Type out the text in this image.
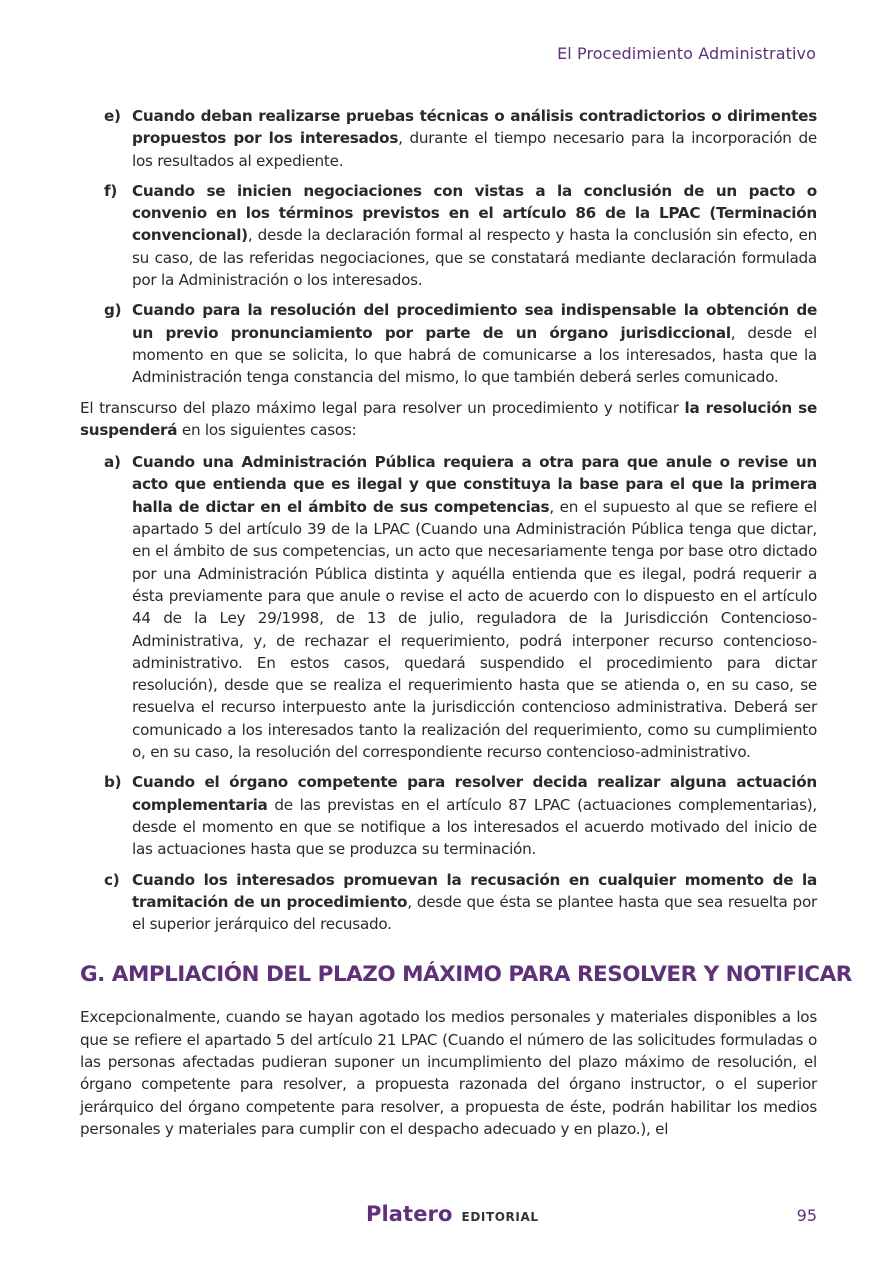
El Procedimiento Administrativo
e) Cuando deban realizarse pruebas técnicas o análisis contradictorios o dirimentes propuestos por los interesados, durante el tiempo necesario para la incorporación de los resultados al expediente.

f) Cuando se inicien negociaciones con vistas a la conclusión de un pacto o convenio en los términos previstos en el artículo 86 de la LPAC (Terminación convencional), desde la declaración formal al respecto y hasta la conclusión sin efecto, en su caso, de las referidas negociaciones, que se constatará mediante declaración formulada por la Administración o los interesados.

g) Cuando para la resolución del procedimiento sea indispensable la obtención de un previo pronunciamiento por parte de un órgano jurisdiccional, desde el momento en que se solicita, lo que habrá de comunicarse a los interesados, hasta que la Administración tenga constancia del mismo, lo que también deberá serles comunicado.

El transcurso del plazo máximo legal para resolver un procedimiento y notificar la resolución se suspenderá en los siguientes casos:

a) Cuando una Administración Pública requiera a otra para que anule o revise un acto que entienda que es ilegal y que constituya la base para el que la primera halla de dictar en el ámbito de sus competencias, en el supuesto al que se refiere el apartado 5 del artículo 39 de la LPAC (Cuando una Administración Pública tenga que dictar, en el ámbito de sus competencias, un acto que necesariamente tenga por base otro dictado por una Administración Pública distinta y aquélla entienda que es ilegal, podrá requerir a ésta previamente para que anule o revise el acto de acuerdo con lo dispuesto en el artículo 44 de la Ley 29/1998, de 13 de julio, reguladora de la Jurisdicción Contencioso- Administrativa, y, de rechazar el requerimiento, podrá interponer recurso contencioso-administrativo. En estos casos, quedará suspendido el procedimiento para dictar resolución), desde que se realiza el requerimiento hasta que se atienda o, en su caso, se resuelva el recurso interpuesto ante la jurisdicción contencioso administrativa. Deberá ser comunicado a los interesados tanto la realización del requerimiento, como su cumplimiento o, en su caso, la resolución del correspondiente recurso contencioso-administrativo.

b) Cuando el órgano competente para resolver decida realizar alguna actuación complementaria de las previstas en el artículo 87 LPAC (actuaciones complementarias), desde el momento en que se notifique a los interesados el acuerdo motivado del inicio de las actuaciones hasta que se produzca su terminación.

c) Cuando los interesados promuevan la recusación en cualquier momento de la tramitación de un procedimiento, desde que ésta se plantee hasta que sea resuelta por el superior jerárquico del recusado.

G. AMPLIACIÓN DEL PLAZO MÁXIMO PARA RESOLVER Y NOTIFICAR

Excepcionalmente, cuando se hayan agotado los medios personales y materiales disponibles a los que se refiere el apartado 5 del artículo 21 LPAC (Cuando el número de las solicitudes formuladas o las personas afectadas pudieran suponer un incumplimiento del plazo máximo de resolución, el órgano competente para resolver, a propuesta razonada del órgano instructor, o el superior jerárquico del órgano competente para resolver, a propuesta de éste, podrán habilitar los medios personales y materiales para cumplir con el despacho adecuado y en plazo.), el

Platero EDITORIAL	95
